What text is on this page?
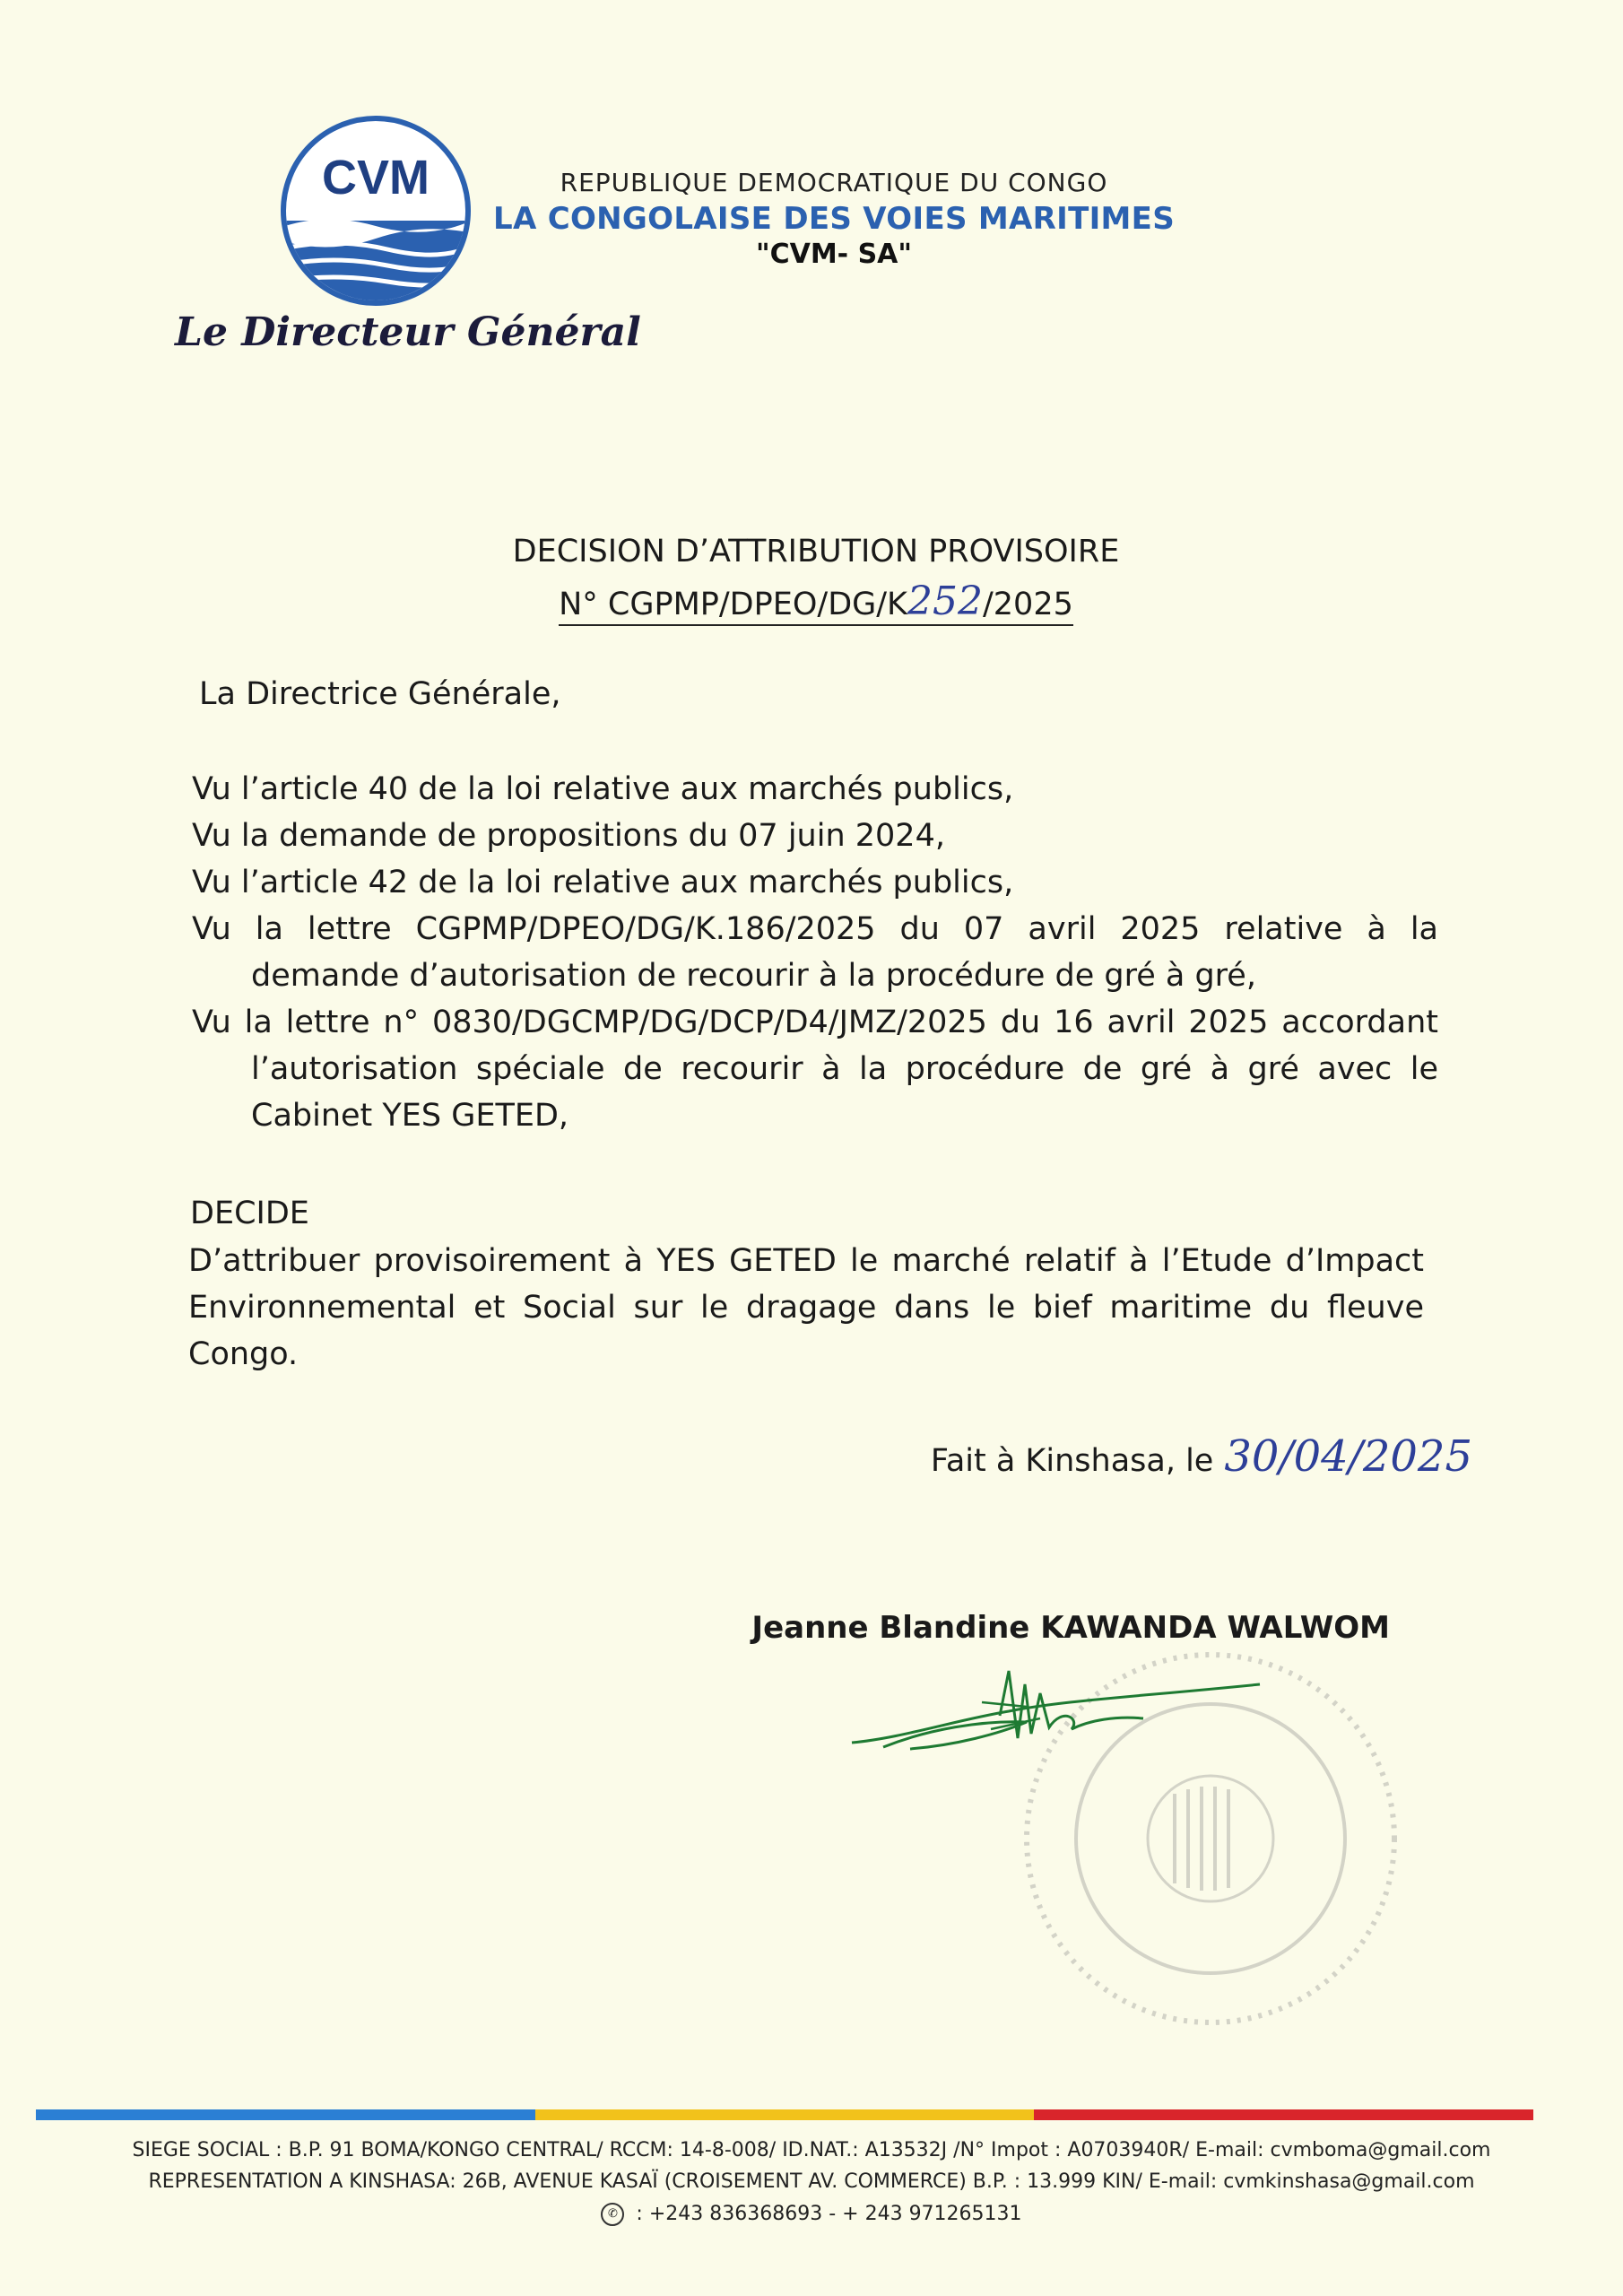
CVM	REPUBLIQUE DEMOCRATIQUE DU CONGO
LA CONGOLAISE DES VOIES MARITIMES
"CVM- SA"
Le Directeur Général
DECISION D’ATTRIBUTION PROVISOIRE
N° CGPMP/DPEO/DG/K252/2025
La Directrice Générale,
Vu l’article 40 de la loi relative aux marchés publics,
Vu la demande de propositions du 07 juin 2024,
Vu l’article 42 de la loi relative aux marchés publics,
Vu la lettre CGPMP/DPEO/DG/K.186/2025 du 07 avril 2025 relative à la demande d’autorisation de recourir à la procédure de gré à gré,
Vu la lettre n° 0830/DGCMP/DG/DCP/D4/JMZ/2025 du 16 avril 2025 accordant l’autorisation spéciale de recourir à la procédure de gré à gré avec le Cabinet YES GETED,
DECIDE
D’attribuer provisoirement à YES GETED le marché relatif à l’Etude d’Impact Environnemental et Social sur le dragage dans le bief maritime du fleuve Congo.
Fait à Kinshasa, le 30/04/2025
Jeanne Blandine KAWANDA WALWOM
SIEGE SOCIAL : B.P. 91 BOMA/KONGO CENTRAL/ RCCM: 14-8-008/ ID.NAT.: A13532J /N° Impot : A0703940R/ E-mail: cvmboma@gmail.com
REPRESENTATION A KINSHASA: 26B, AVENUE KASAÏ (CROISEMENT AV. COMMERCE) B.P. : 13.999 KIN/ E-mail: cvmkinshasa@gmail.com
✆ : +243 836368693 - + 243 971265131
